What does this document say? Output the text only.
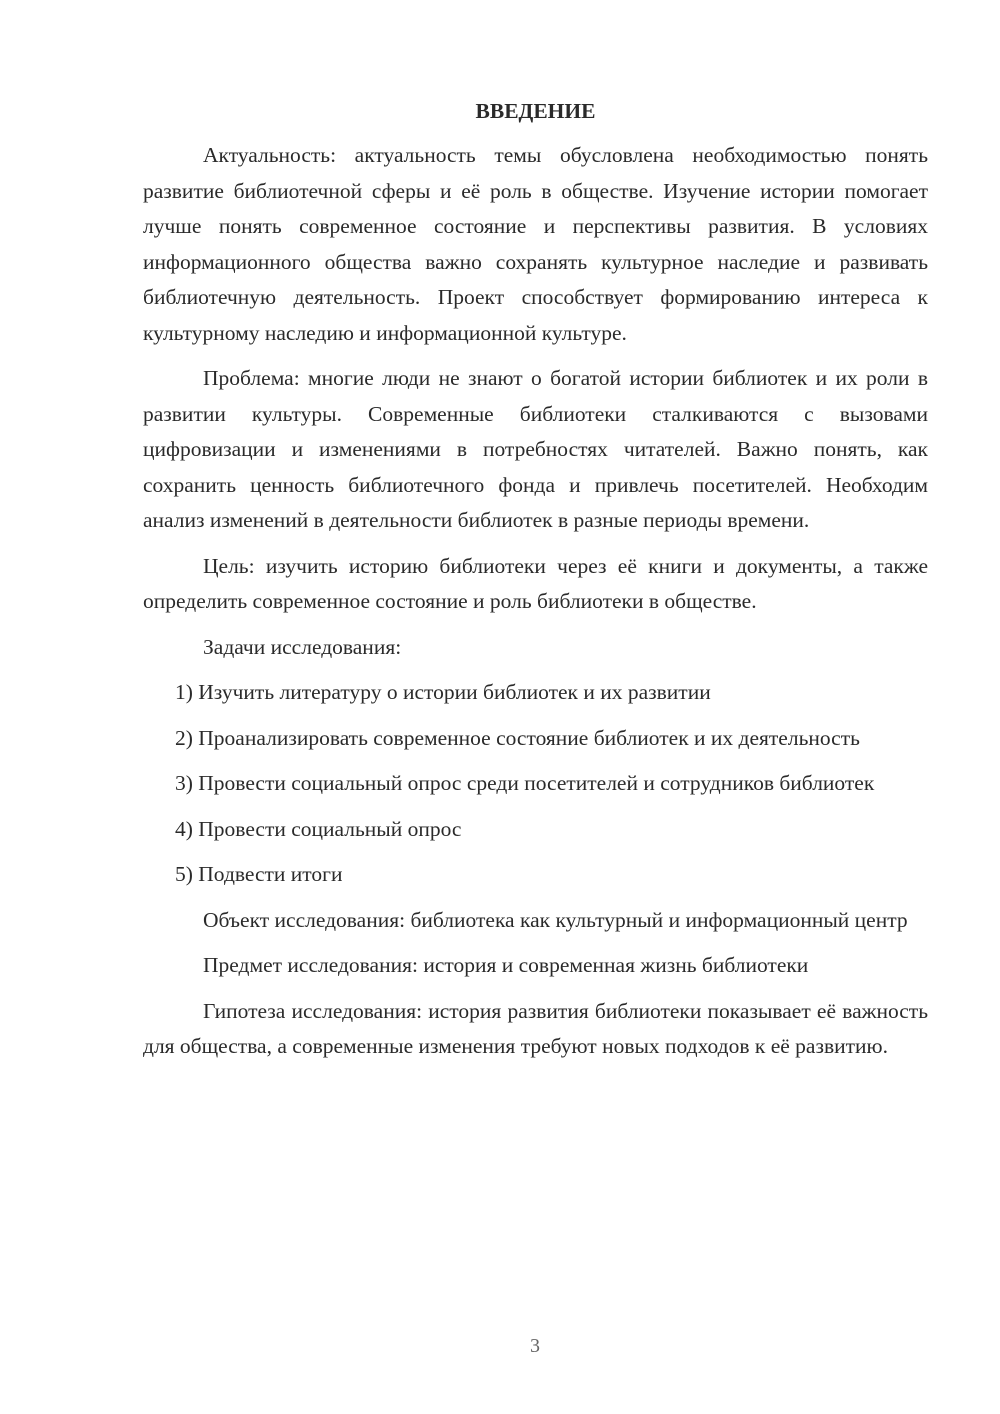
ВВЕДЕНИЕ

Актуальность: актуальность темы обусловлена необходимостью понять развитие библиотечной сферы и её роль в обществе. Изучение истории помогает лучше понять современное состояние и перспективы развития. В условиях информационного общества важно сохранять культурное наследие и развивать библиотечную деятельность. Проект способствует формированию интереса к культурному наследию и информационной культуре.

Проблема: многие люди не знают о богатой истории библиотек и их роли в развитии культуры. Современные библиотеки сталкиваются с вызовами цифровизации и изменениями в потребностях читателей. Важно понять, как сохранить ценность библиотечного фонда и привлечь посетителей. Необходим анализ изменений в деятельности библиотек в разные периоды времени.

Цель: изучить историю библиотеки через её книги и документы, а также определить современное состояние и роль библиотеки в обществе.

Задачи исследования:

1) Изучить литературу о истории библиотек и их развитии

2) Проанализировать современное состояние библиотек и их деятельность

3) Провести социальный опрос среди посетителей и сотрудников библиотек

4) Провести социальный опрос

5) Подвести итоги

Объект исследования: библиотека как культурный и информационный центр

Предмет исследования: история и современная жизнь библиотеки

Гипотеза исследования: история развития библиотеки показывает её важность для общества, а современные изменения требуют новых подходов к её развитию.

3
